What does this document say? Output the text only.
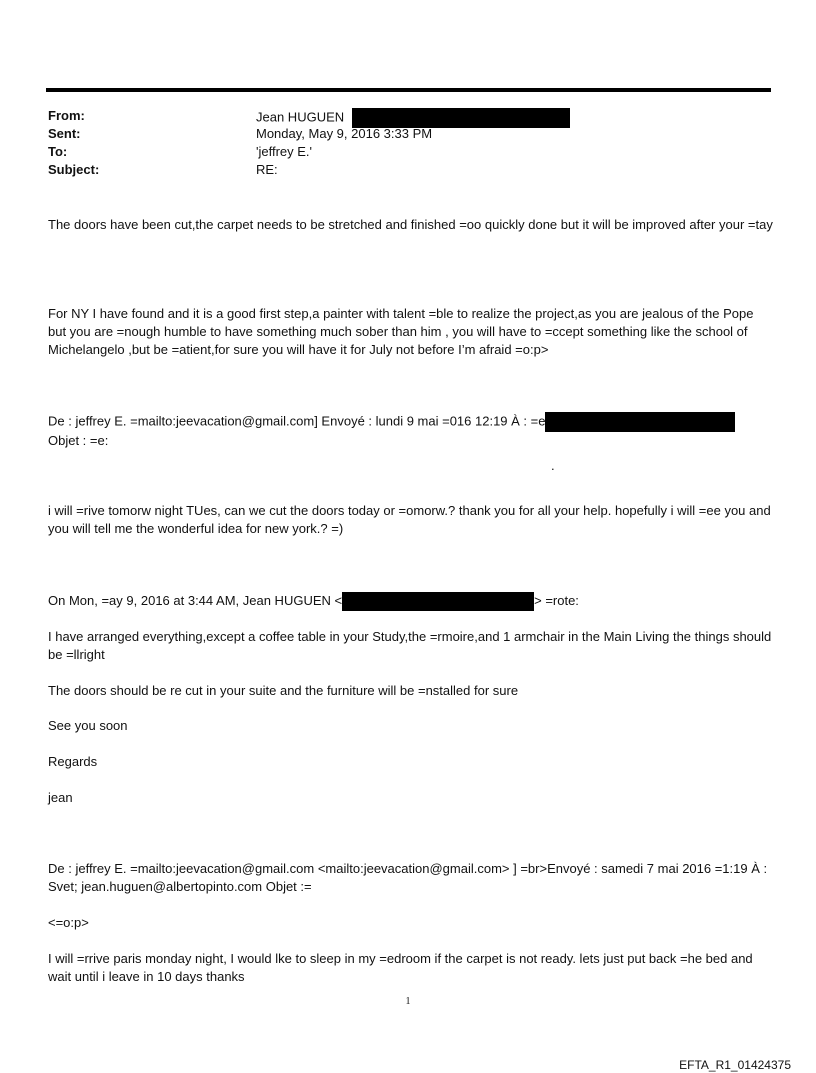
From:	Jean HUGUEN
Sent:	Monday, May 9, 2016 3:33 PM
To:	'jeffrey E.'
Subject:	RE:
The doors have been cut,the carpet needs to be stretched and finished =oo quickly done but it will be improved after your =tay
For NY I have found and it is a good first step,a painter with talent =ble to realize the project,as you are jealous of the Pope but you are =nough humble to have something much sober than him , you will have to =ccept something like the school of Michelangelo ,but be =atient,for sure you will have it for July not before I’m afraid =o:p>
De : jeffrey E. =mailto:jeevacation@gmail.com] Envoyé : lundi 9 mai =016 12:19 À : =e
Objet : =e:
.
i will =rive tomorw night TUes, can we cut the doors today or =omorw.? thank you for all your help. hopefully i will =ee you and you will tell me the wonderful idea for new york.? =)
On Mon, =ay 9, 2016 at 3:44 AM, Jean HUGUEN <	> =rote:
I have arranged everything,except a coffee table in your Study,the =rmoire,and 1 armchair in the Main Living the things should be =llright
The doors should be re cut in your suite and the furniture will be =nstalled for sure
See you soon
Regards
jean
De : jeffrey E. =mailto:jeevacation@gmail.com <mailto:jeevacation@gmail.com> ] =br>Envoyé : samedi 7 mai 2016 =1:19 À : Svet; jean.huguen@albertopinto.com Objet :=
<=o:p>
I will =rrive paris monday night, I would lke to sleep in my =edroom if the carpet is not ready. lets just put back =he bed and wait until i leave in 10 days thanks
1
EFTA_R1_01424375
